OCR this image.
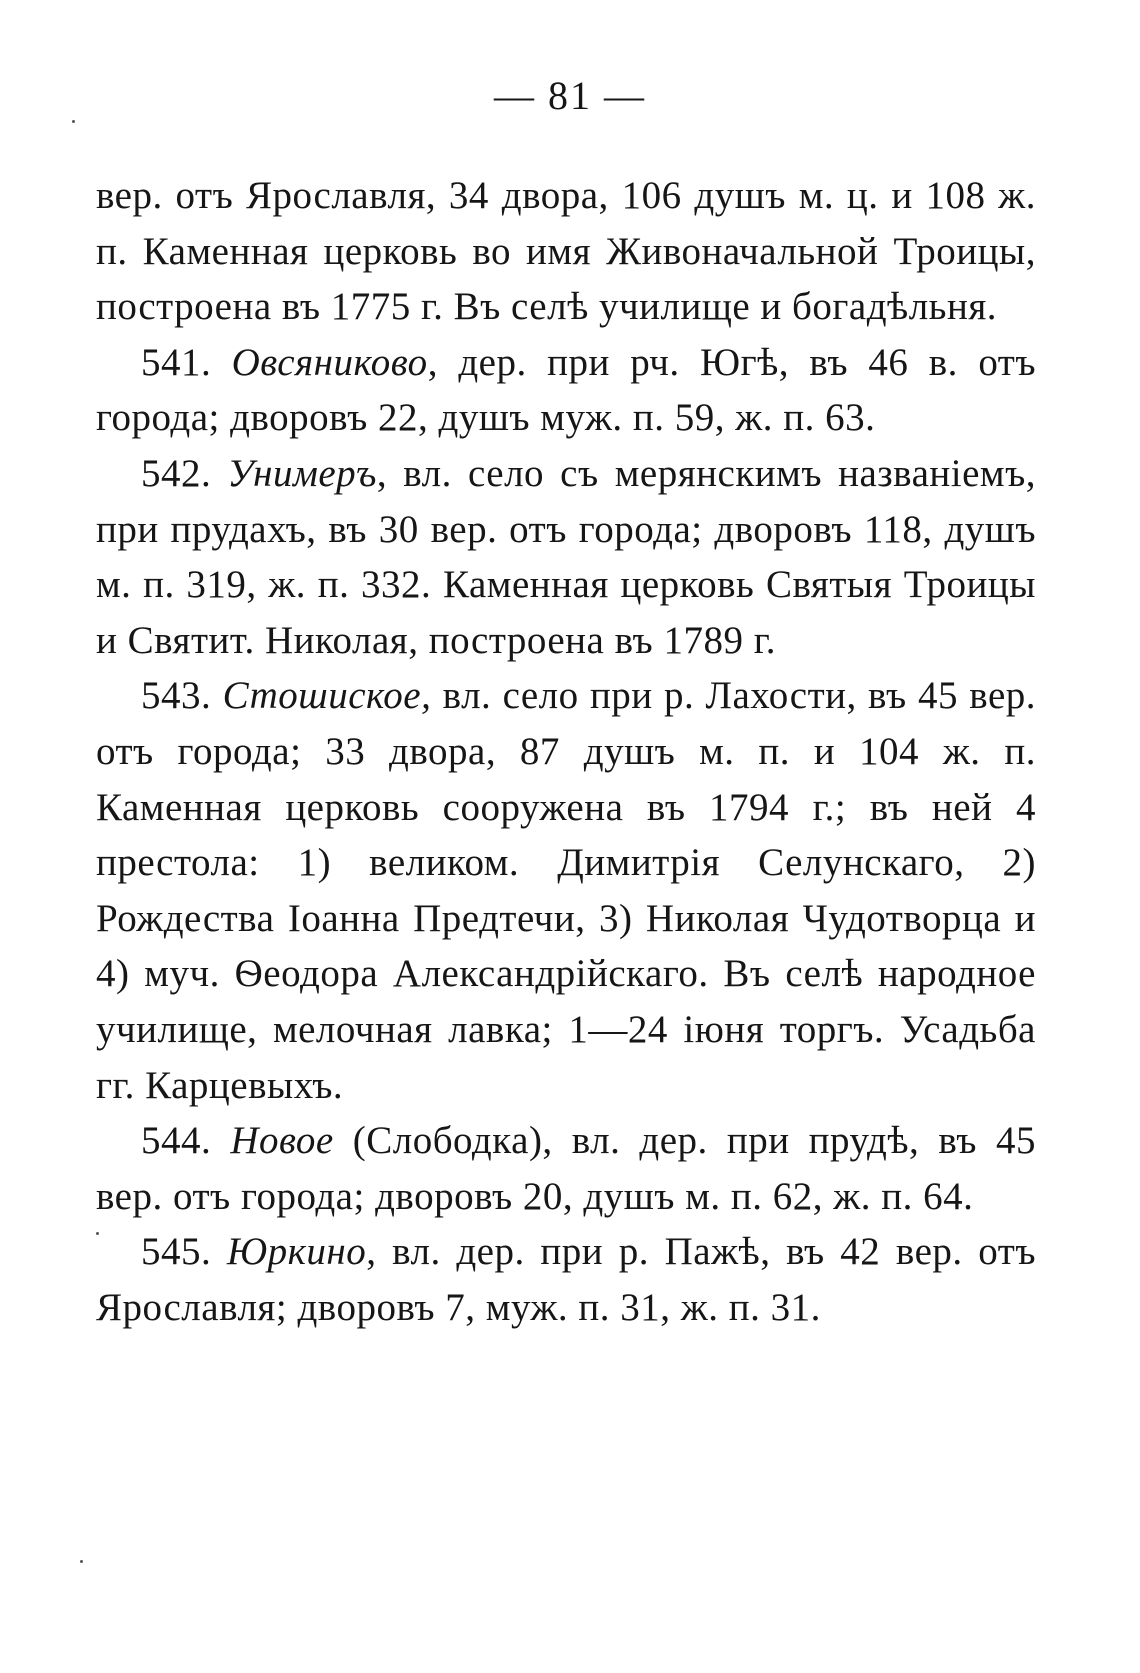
— 81 —

вер. отъ Ярославля, 34 двора, 106 душъ м. ц. и 108 ж. п. Каменная церковь во имя Живоначальной Троицы, построена въ 1775 г. Въ селѣ училище и богадѣльня.

541. Овсяниково, дер. при рч. Югѣ, въ 46 в. отъ города; дворовъ 22, душъ муж. п. 59, ж. п. 63.

542. Унимеръ, вл. село съ мерянскимъ названіемъ, при прудахъ, въ 30 вер. отъ города; дворовъ 118, душъ м. п. 319, ж. п. 332. Каменная церковь Святыя Троицы и Святит. Николая, построена въ 1789 г.

543. Стошиское, вл. село при р. Лахости, въ 45 вер. отъ города; 33 двора, 87 душъ м. п. и 104 ж. п. Каменная церковь сооружена въ 1794 г.; въ ней 4 престола: 1) великом. Димитрія Селунскаго, 2) Рождества Іоанна Предтечи, 3) Николая Чудотворца и 4) муч. Ѳеодора Александрійскаго. Въ селѣ народное училище, мелочная лавка; 1—24 іюня торгъ. Усадьба гг. Карцевыхъ.

544. Новое (Слободка), вл. дер. при прудѣ, въ 45 вер. отъ города; дворовъ 20, душъ м. п. 62, ж. п. 64.

545. Юркино, вл. дер. при р. Пажѣ, въ 42 вер. отъ Ярославля; дворовъ 7, муж. п. 31, ж. п. 31.
